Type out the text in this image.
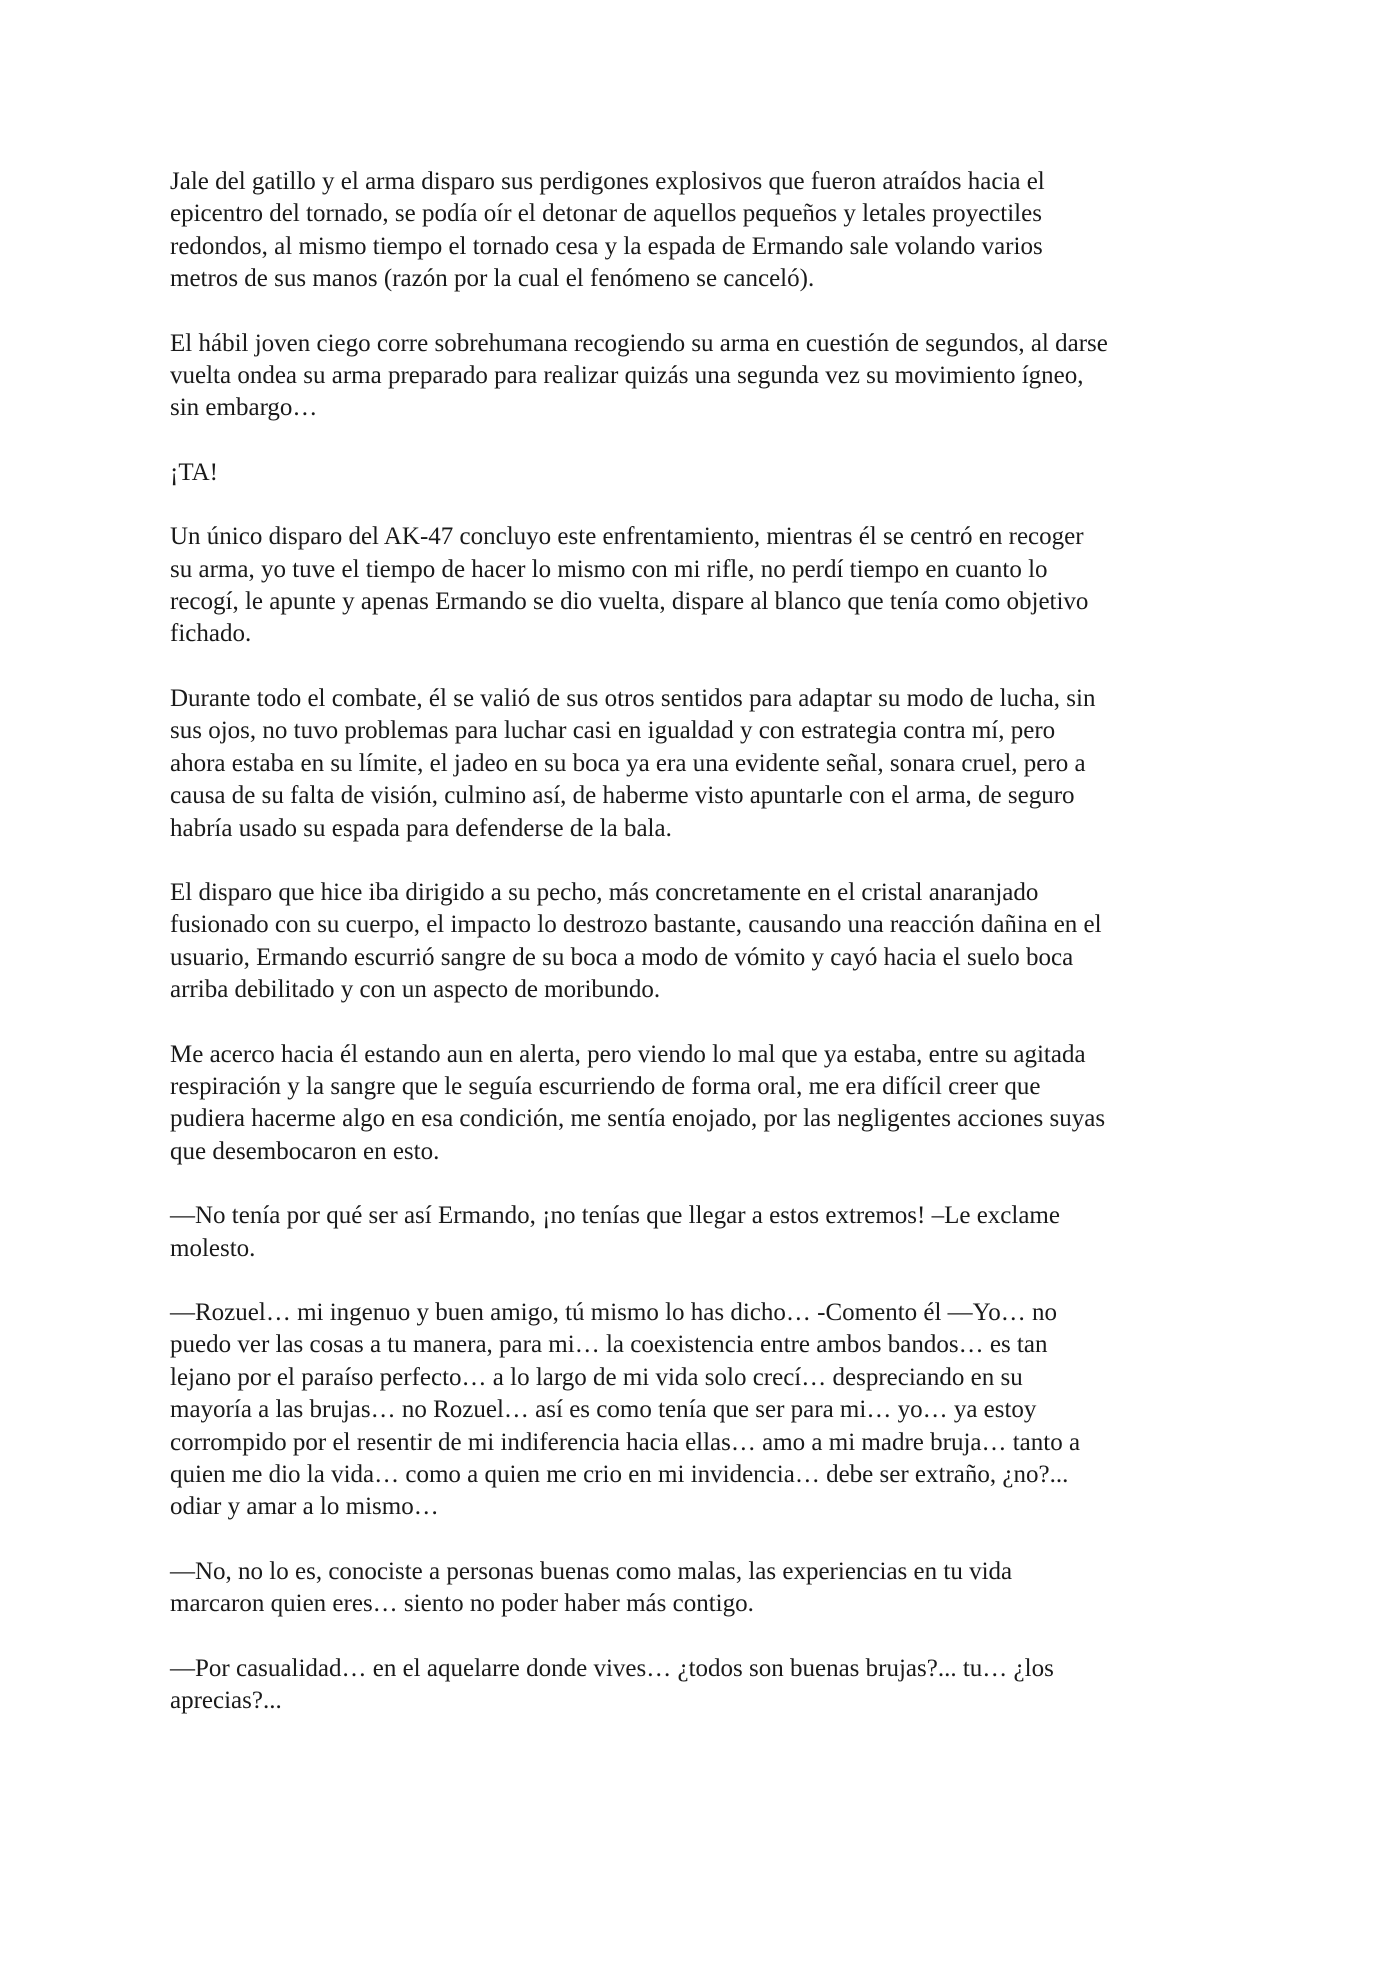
Jale del gatillo y el arma disparo sus perdigones explosivos que fueron atraídos hacia el
epicentro del tornado, se podía oír el detonar de aquellos pequeños y letales proyectiles
redondos, al mismo tiempo el tornado cesa y la espada de Ermando sale volando varios
metros de sus manos (razón por la cual el fenómeno se canceló).

El hábil joven ciego corre sobrehumana recogiendo su arma en cuestión de segundos, al darse
vuelta ondea su arma preparado para realizar quizás una segunda vez su movimiento ígneo,
sin embargo…

¡TA!

Un único disparo del AK-47 concluyo este enfrentamiento, mientras él se centró en recoger
su arma, yo tuve el tiempo de hacer lo mismo con mi rifle, no perdí tiempo en cuanto lo
recogí, le apunte y apenas Ermando se dio vuelta, dispare al blanco que tenía como objetivo
fichado.

Durante todo el combate, él se valió de sus otros sentidos para adaptar su modo de lucha, sin
sus ojos, no tuvo problemas para luchar casi en igualdad y con estrategia contra mí, pero
ahora estaba en su límite, el jadeo en su boca ya era una evidente señal, sonara cruel, pero a
causa de su falta de visión, culmino así, de haberme visto apuntarle con el arma, de seguro
habría usado su espada para defenderse de la bala.

El disparo que hice iba dirigido a su pecho, más concretamente en el cristal anaranjado
fusionado con su cuerpo, el impacto lo destrozo bastante, causando una reacción dañina en el
usuario, Ermando escurrió sangre de su boca a modo de vómito y cayó hacia el suelo boca
arriba debilitado y con un aspecto de moribundo.

Me acerco hacia él estando aun en alerta, pero viendo lo mal que ya estaba, entre su agitada
respiración y la sangre que le seguía escurriendo de forma oral, me era difícil creer que
pudiera hacerme algo en esa condición, me sentía enojado, por las negligentes acciones suyas
que desembocaron en esto.

—No tenía por qué ser así Ermando, ¡no tenías que llegar a estos extremos! –Le exclame
molesto.

—Rozuel… mi ingenuo y buen amigo, tú mismo lo has dicho… -Comento él —Yo… no
puedo ver las cosas a tu manera, para mi… la coexistencia entre ambos bandos… es tan
lejano por el paraíso perfecto… a lo largo de mi vida solo crecí… despreciando en su
mayoría a las brujas… no Rozuel… así es como tenía que ser para mi… yo… ya estoy
corrompido por el resentir de mi indiferencia hacia ellas… amo a mi madre bruja… tanto a
quien me dio la vida… como a quien me crio en mi invidencia… debe ser extraño, ¿no?...
odiar y amar a lo mismo…

—No, no lo es, conociste a personas buenas como malas, las experiencias en tu vida
marcaron quien eres… siento no poder haber más contigo.

—Por casualidad… en el aquelarre donde vives… ¿todos son buenas brujas?... tu… ¿los
aprecias?...
